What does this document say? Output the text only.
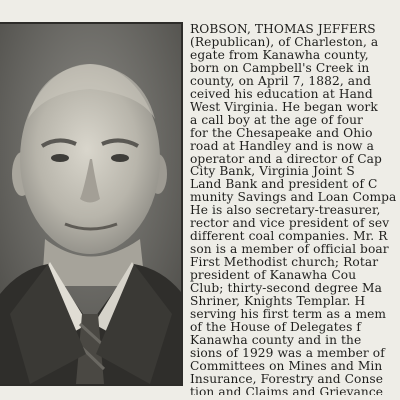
ROBSON, THOMAS JEFFERS
(Republican), of Charleston, a
egate from Kanawha county,
born on Campbell's Creek in
county, on April 7, 1882, and
ceived his education at Hand
West Virginia. He began work
a call boy at the age of four
for the Chesapeake and Ohio
road at Handley and is now a
operator and a director of Cap
City Bank, Virginia Joint S
Land Bank and president of C
munity Savings and Loan Compa
He is also secretary-treasurer,
rector and vice president of sev
different coal companies. Mr. R
son is a member of official boar
First Methodist church; Rotar
president of Kanawha Cou
Club; thirty-second degree Ma
Shriner, Knights Templar. H
serving his first term as a mem
of the House of Delegates f
Kanawha county and in the
sions of 1929 was a member of
Committees on Mines and Min
Insurance, Forestry and Conse
tion and Claims and Grievance
